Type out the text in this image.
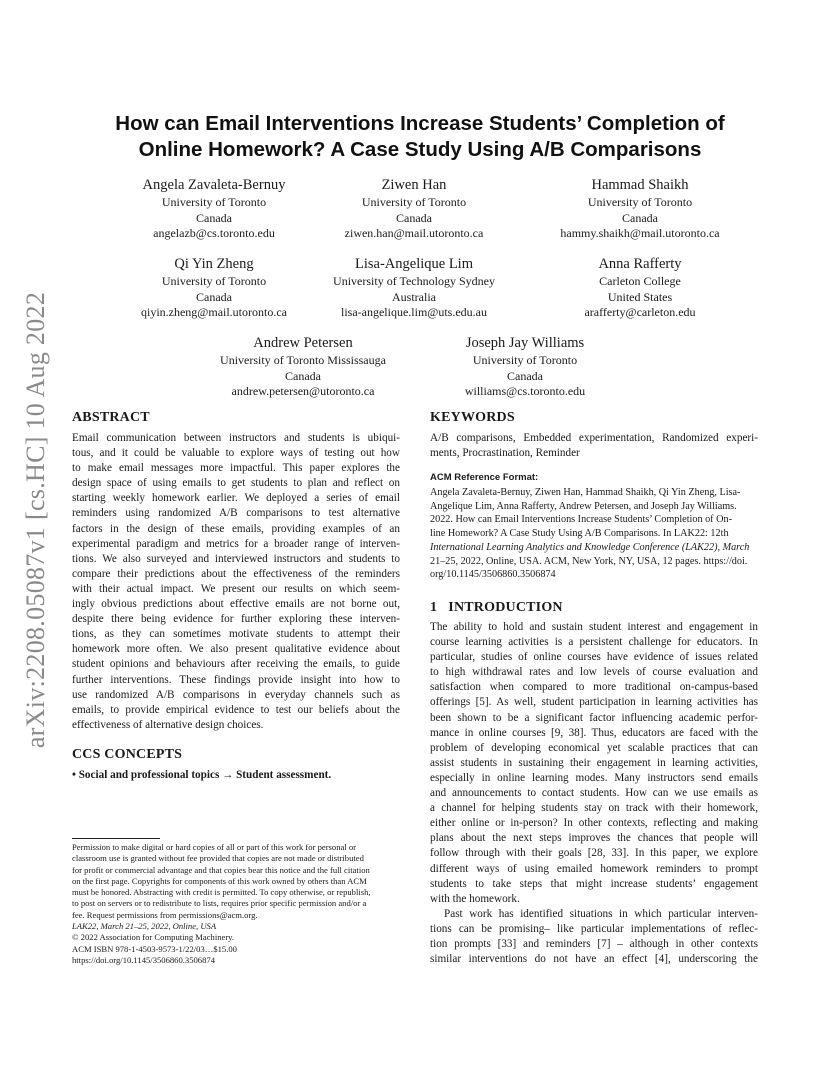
arXiv:2208.05087v1 [cs.HC] 10 Aug 2022
How can Email Interventions Increase Students’ Completion of
Online Homework? A Case Study Using A/B Comparisons
Angela Zavaleta-Bernuy
University of Toronto
Canada
angelazb@cs.toronto.edu
Ziwen Han
University of Toronto
Canada
ziwen.han@mail.utoronto.ca
Hammad Shaikh
University of Toronto
Canada
hammy.shaikh@mail.utoronto.ca
Qi Yin Zheng
University of Toronto
Canada
qiyin.zheng@mail.utoronto.ca
Lisa-Angelique Lim
University of Technology Sydney
Australia
lisa-angelique.lim@uts.edu.au
Anna Rafferty
Carleton College
United States
arafferty@carleton.edu
Andrew Petersen
University of Toronto Mississauga
Canada
andrew.petersen@utoronto.ca
Joseph Jay Williams
University of Toronto
Canada
williams@cs.toronto.edu
ABSTRACT
Email communication between instructors and students is ubiqui-
tous, and it could be valuable to explore ways of testing out how
to make email messages more impactful. This paper explores the
design space of using emails to get students to plan and reflect on
starting weekly homework earlier. We deployed a series of email
reminders using randomized A/B comparisons to test alternative
factors in the design of these emails, providing examples of an
experimental paradigm and metrics for a broader range of interven-
tions. We also surveyed and interviewed instructors and students to
compare their predictions about the effectiveness of the reminders
with their actual impact. We present our results on which seem-
ingly obvious predictions about effective emails are not borne out,
despite there being evidence for further exploring these interven-
tions, as they can sometimes motivate students to attempt their
homework more often. We also present qualitative evidence about
student opinions and behaviours after receiving the emails, to guide
further interventions. These findings provide insight into how to
use randomized A/B comparisons in everyday channels such as
emails, to provide empirical evidence to test our beliefs about the
effectiveness of alternative design choices.
CCS CONCEPTS
• Social and professional topics → Student assessment.
Permission to make digital or hard copies of all or part of this work for personal or
classroom use is granted without fee provided that copies are not made or distributed
for profit or commercial advantage and that copies bear this notice and the full citation
on the first page. Copyrights for components of this work owned by others than ACM
must be honored. Abstracting with credit is permitted. To copy otherwise, or republish,
to post on servers or to redistribute to lists, requires prior specific permission and/or a
fee. Request permissions from permissions@acm.org.
LAK22, March 21–25, 2022, Online, USA
© 2022 Association for Computing Machinery.
ACM ISBN 978-1-4503-9573-1/22/03…$15.00
https://doi.org/10.1145/3506860.3506874
KEYWORDS
A/B comparisons, Embedded experimentation, Randomized experi-
ments, Procrastination, Reminder
ACM Reference Format:
Angela Zavaleta-Bernuy, Ziwen Han, Hammad Shaikh, Qi Yin Zheng, Lisa-
Angelique Lim, Anna Rafferty, Andrew Petersen, and Joseph Jay Williams.
2022. How can Email Interventions Increase Students’ Completion of On-
line Homework? A Case Study Using A/B Comparisons. In LAK22: 12th
International Learning Analytics and Knowledge Conference (LAK22), March
21–25, 2022, Online, USA. ACM, New York, NY, USA, 12 pages. https://doi.
org/10.1145/3506860.3506874
1   INTRODUCTION
The ability to hold and sustain student interest and engagement in
course learning activities is a persistent challenge for educators. In
particular, studies of online courses have evidence of issues related
to high withdrawal rates and low levels of course evaluation and
satisfaction when compared to more traditional on-campus-based
offerings [5]. As well, student participation in learning activities has
been shown to be a significant factor influencing academic perfor-
mance in online courses [9, 38]. Thus, educators are faced with the
problem of developing economical yet scalable practices that can
assist students in sustaining their engagement in learning activities,
especially in online learning modes. Many instructors send emails
and announcements to contact students. How can we use emails as
a channel for helping students stay on track with their homework,
either online or in-person? In other contexts, reflecting and making
plans about the next steps improves the chances that people will
follow through with their goals [28, 33]. In this paper, we explore
different ways of using emailed homework reminders to prompt
students to take steps that might increase students’ engagement
with the homework.
Past work has identified situations in which particular interven-
tions can be promising– like particular implementations of reflec-
tion prompts [33] and reminders [7] – although in other contexts
similar interventions do not have an effect [4], underscoring the
